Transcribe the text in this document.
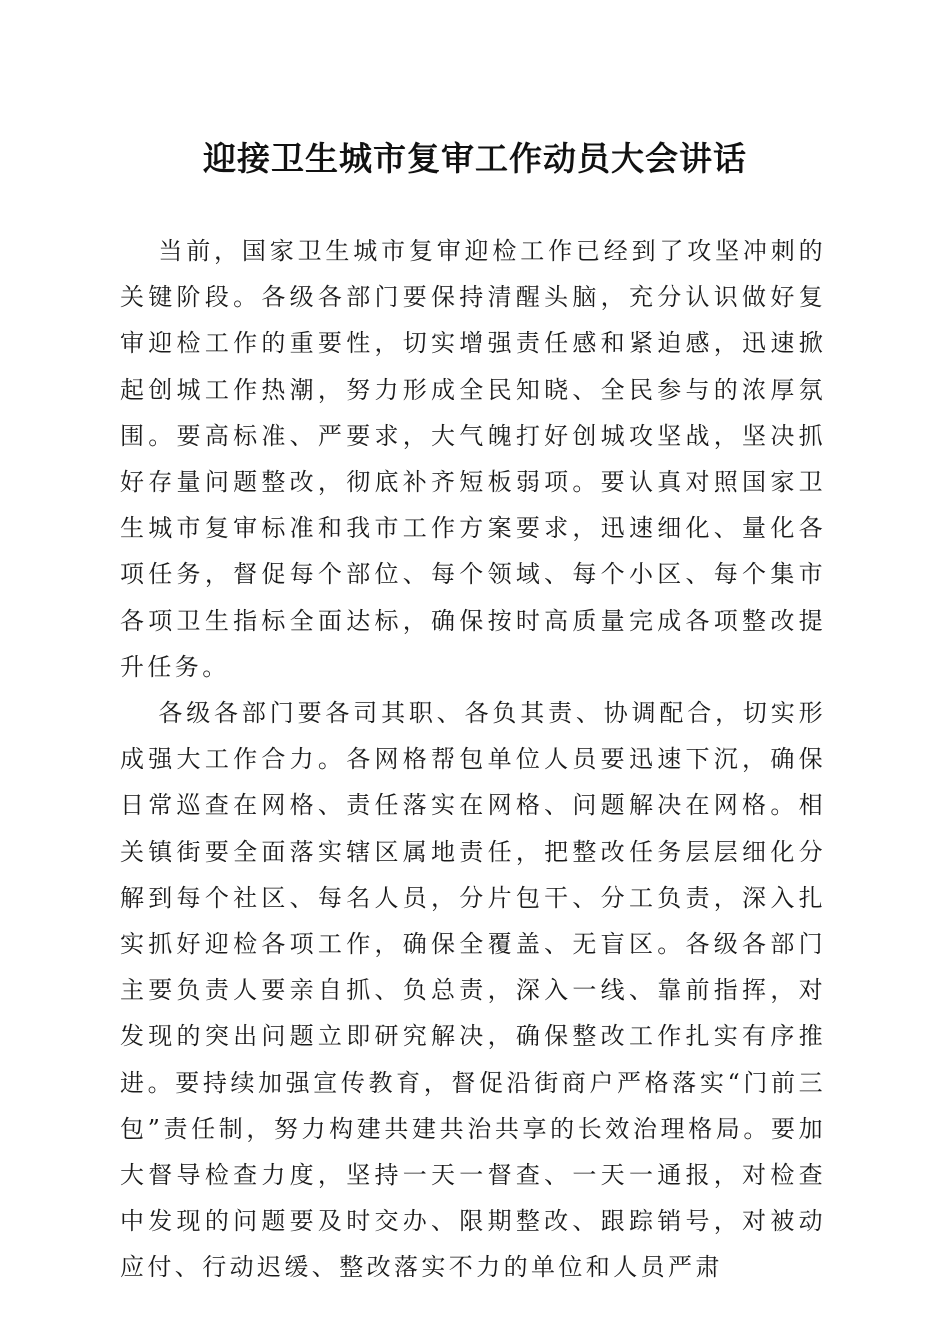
迎接卫生城市复审工作动员大会讲话

当前，国家卫生城市复审迎检工作已经到了攻坚冲刺的关键阶段。各级各部门要保持清醒头脑，充分认识做好复审迎检工作的重要性，切实增强责任感和紧迫感，迅速掀起创城工作热潮，努力形成全民知晓、全民参与的浓厚氛围。要高标准、严要求，大气魄打好创城攻坚战，坚决抓好存量问题整改，彻底补齐短板弱项。要认真对照国家卫生城市复审标准和我市工作方案要求，迅速细化、量化各项任务，督促每个部位、每个领域、每个小区、每个集市各项卫生指标全面达标，确保按时高质量完成各项整改提升任务。

各级各部门要各司其职、各负其责、协调配合，切实形成强大工作合力。各网格帮包单位人员要迅速下沉，确保日常巡查在网格、责任落实在网格、问题解决在网格。相关镇街要全面落实辖区属地责任，把整改任务层层细化分解到每个社区、每名人员，分片包干、分工负责，深入扎实抓好迎检各项工作，确保全覆盖、无盲区。各级各部门主要负责人要亲自抓、负总责，深入一线、靠前指挥，对发现的突出问题立即研究解决，确保整改工作扎实有序推进。要持续加强宣传教育，督促沿街商户严格落实“门前三包”责任制，努力构建共建共治共享的长效治理格局。要加大督导检查力度，坚持一天一督查、一天一通报，对检查中发现的问题要及时交办、限期整改、跟踪销号，对被动应付、行动迟缓、整改落实不力的单位和人员严肃
